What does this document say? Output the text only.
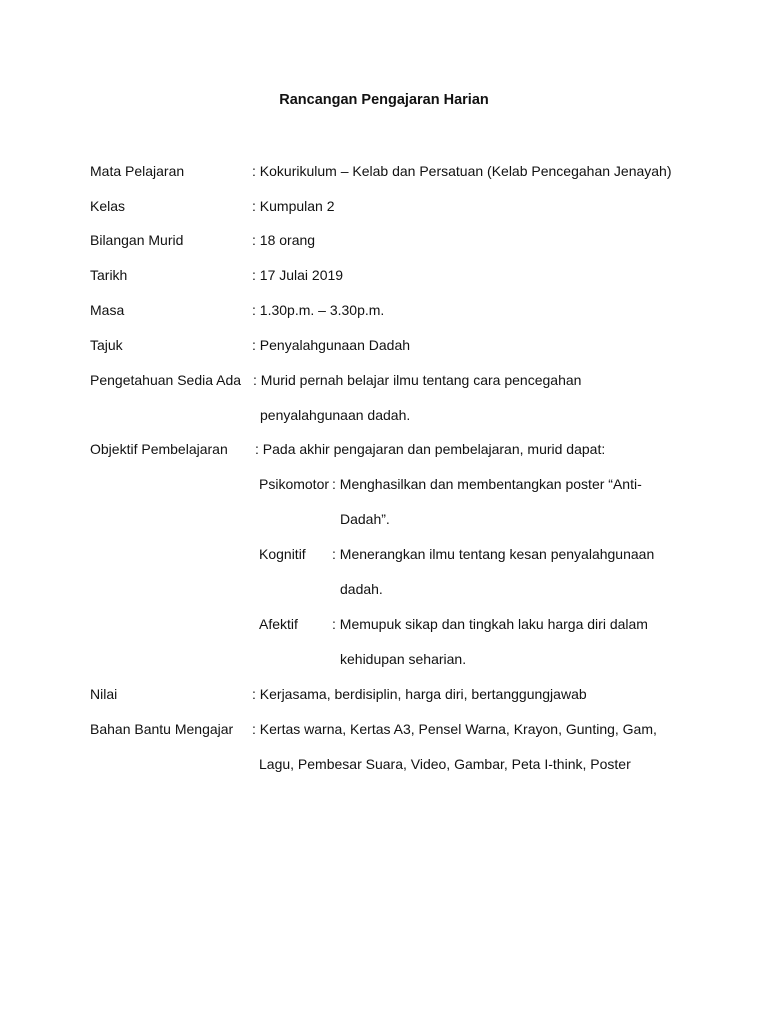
Rancangan Pengajaran Harian
Mata Pelajaran	: Kokurikulum – Kelab dan Persatuan (Kelab Pencegahan Jenayah)
Kelas	: Kumpulan 2
Bilangan Murid	: 18 orang
Tarikh	: 17 Julai 2019
Masa	: 1.30p.m. – 3.30p.m.
Tajuk	: Penyalahgunaan Dadah
Pengetahuan Sedia Ada : Murid pernah belajar ilmu tentang cara pencegahan
penyalahgunaan dadah.
Objektif Pembelajaran : Pada akhir pengajaran dan pembelajaran, murid dapat:
Psikomotor : Menghasilkan dan membentangkan poster “Anti-
Dadah”.
Kognitif : Menerangkan ilmu tentang kesan penyalahgunaan
dadah.
Afektif : Memupuk sikap dan tingkah laku harga diri dalam
kehidupan seharian.
Nilai	: Kerjasama, berdisiplin, harga diri, bertanggungjawab
Bahan Bantu Mengajar : Kertas warna, Kertas A3, Pensel Warna, Krayon, Gunting, Gam,
Lagu, Pembesar Suara, Video, Gambar, Peta I-think, Poster
